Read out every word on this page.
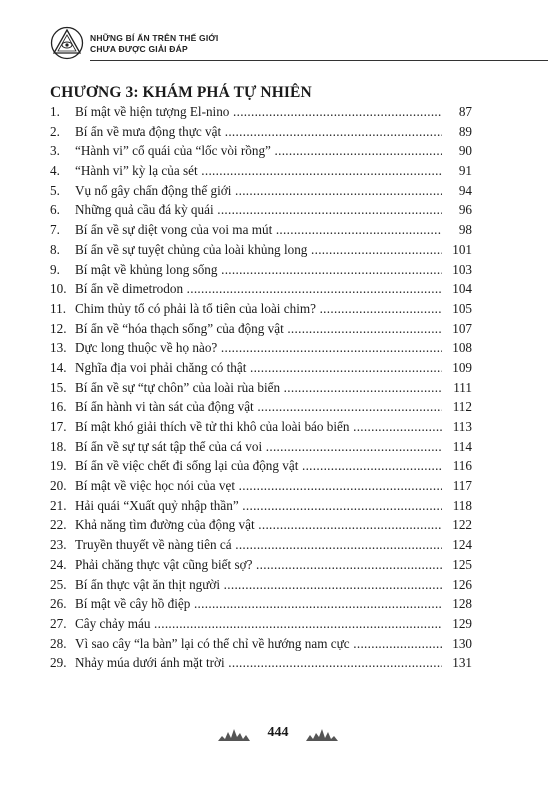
NHỮNG BÍ ẨN TRÊN THẾ GIỚI
CHƯA ĐƯỢC GIẢI ĐÁP
CHƯƠNG 3: KHÁM PHÁ TỰ NHIÊN
1. Bí mật về hiện tượng El-nino .....	87
2. Bí ẩn về mưa động thực vật .....	89
3. “Hành vi” cổ quái của “lốc vòi rồng” .....	90
4. “Hành vi” kỳ lạ của sét .....	91
5. Vụ nổ gây chấn động thế giới .....	94
6. Những quả cầu đá kỳ quái .....	96
7. Bí ẩn về sự diệt vong của voi ma mút .....	98
8. Bí ẩn về sự tuyệt chủng của loài khủng long .....	101
9. Bí mật về khủng long sống .....	103
10. Bí ẩn về dimetrodon .....	104
11. Chim thủy tổ có phải là tổ tiên của loài chim? .....	105
12. Bí ẩn về “hóa thạch sống” của động vật .....	107
13. Dực long thuộc về họ nào? .....	108
14. Nghĩa địa voi phải chăng có thật .....	109
15. Bí ẩn về sự “tự chôn” của loài rùa biển .....	111
16. Bí ẩn hành vi tàn sát của động vật .....	112
17. Bí mật khó giải thích về tử thi khô của loài báo biển .....	113
18. Bí ẩn về sự tự sát tập thể của cá voi .....	114
19. Bí ẩn về việc chết đi sống lại của động vật .....	116
20. Bí mật về việc học nói của vẹt .....	117
21. Hải quái “Xuất quỷ nhập thần” .....	118
22. Khả năng tìm đường của động vật .....	122
23. Truyền thuyết về nàng tiên cá .....	124
24. Phải chăng thực vật cũng biết sợ? .....	125
25. Bí ẩn thực vật ăn thịt người .....	126
26. Bí mật về cây hồ điệp .....	128
27. Cây chảy máu .....	129
28. Vì sao cây “la bàn” lại có thể chỉ về hướng nam cực .....	130
29. Nhảy múa dưới ánh mặt trời .....	131
444
